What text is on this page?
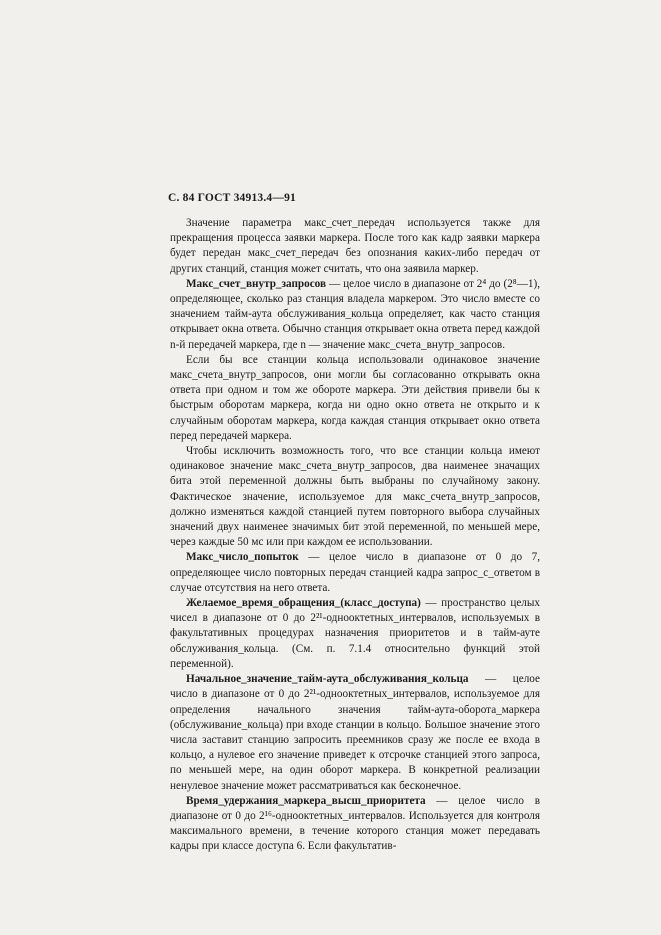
С. 84 ГОСТ 34913.4—91

Значение параметра макс_счет_передач используется также для прекращения процесса заявки маркера. После того как кадр заявки маркера будет передан макс_счет_передач без опознания каких-либо передач от других станций, станция может считать, что она заявила маркер.

Макс_счет_внутр_запросов — целое число в диапазоне от 2⁴ до (2⁸—1), определяющее, сколько раз станция владела маркером. Это число вместе со значением тайм-аута обслуживания_кольца определяет, как часто станция открывает окна ответа. Обычно станция открывает окна ответа перед каждой n-й передачей маркера, где n — значение макс_счета_внутр_запросов.

Если бы все станции кольца использовали одинаковое значение макс_счета_внутр_запросов, они могли бы согласованно открывать окна ответа при одном и том же обороте маркера. Эти действия привели бы к быстрым оборотам маркера, когда ни одно окно ответа не открыто и к случайным оборотам маркера, когда каждая станция открывает окно ответа перед передачей маркера.

Чтобы исключить возможность того, что все станции кольца имеют одинаковое значение макс_счета_внутр_запросов, два наименее значащих бита этой переменной должны быть выбраны по случайному закону. Фактическое значение, используемое для макс_счета_внутр_запросов, должно изменяться каждой станцией путем повторного выбора случайных значений двух наименее значимых бит этой переменной, по меньшей мере, через каждые 50 мс или при каждом ее использовании.

Макс_число_попыток — целое число в диапазоне от 0 до 7, определяющее число повторных передач станцией кадра запрос_с_ответом в случае отсутствия на него ответа.

Желаемое_время_обращения_(класс_доступа) — пространство целых чисел в диапазоне от 0 до 2²¹-однооктетных_интервалов, используемых в факультативных процедурах назначения приоритетов и в тайм-ауте обслуживания_кольца. (См. п. 7.1.4 относительно функций этой переменной).

Начальное_значение_тайм-аута_обслуживания_кольца — целое число в диапазоне от 0 до 2²¹-однооктетных_интервалов, используемое для определения начального значения тайм-аута-оборота_маркера (обслуживание_кольца) при входе станции в кольцо. Большое значение этого числа заставит станцию запросить преемников сразу же после ее входа в кольцо, а нулевое его значение приведет к отсрочке станцией этого запроса, по меньшей мере, на один оборот маркера. В конкретной реализации ненулевое значение может рассматриваться как бесконечное.

Время_удержания_маркера_высш_приоритета — целое число в диапазоне от 0 до 2¹⁶-однооктетных_интервалов. Используется для контроля максимального времени, в течение которого станция может передавать кадры при классе доступа 6. Если факультатив-
